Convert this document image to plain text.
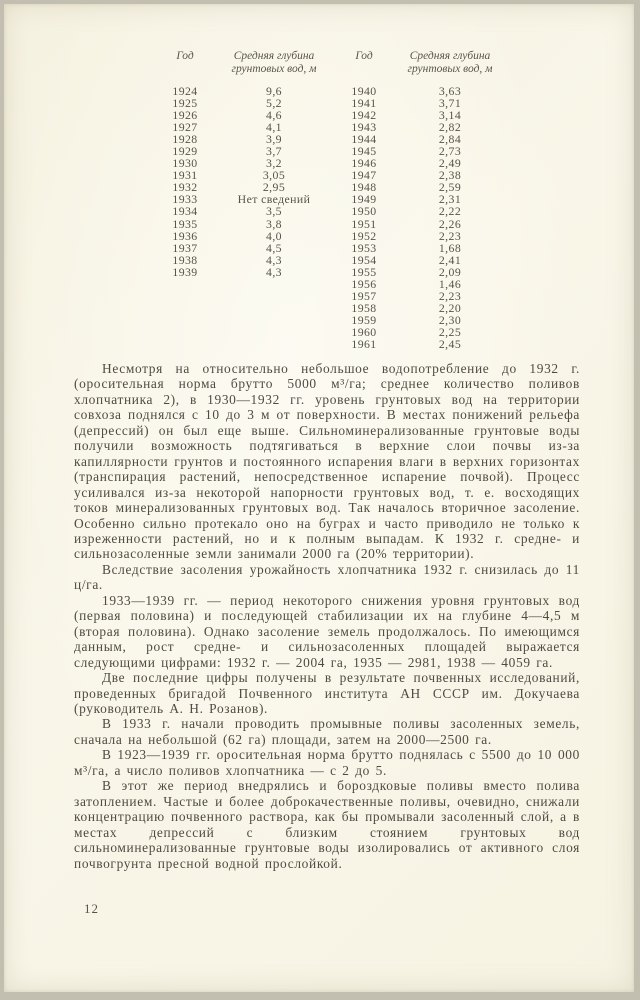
Год	Средняя глубина
грунтовых вод, м
Год	Средняя глубина
грунтовых вод, м
1924	9,6	1940	3,63
1925	5,2	1941	3,71
1926	4,6	1942	3,14
1927	4,1	1943	2,82
1928	3,9	1944	2,84
1929	3,7	1945	2,73
1930	3,2	1946	2,49
1931	3,05	1947	2,38
1932	2,95	1948	2,59
1933	Нет сведений	1949	2,31
1934	3,5	1950	2,22
1935	3,8	1951	2,26
1936	4,0	1952	2,23
1937	4,5	1953	1,68
1938	4,3	1954	2,41
1939	4,3	1955	2,09
1956	1,46
1957	2,23
1958	2,20
1959	2,30
1960	2,25
1961	2,45

Несмотря на относительно небольшое водопотребление до 1932 г. (оросительная норма брутто 5000 м³/га; среднее количество поливов хлопчатника 2), в 1930—1932 гг. уровень грунтовых вод на территории совхоза поднялся с 10 до 3 м от поверхности. В местах понижений рельефа (депрессий) он был еще выше. Сильноминерализованные грунтовые воды получили возможность подтягиваться в верхние слои почвы из-за капиллярности грунтов и постоянного испарения влаги в верхних горизонтах (транспирация растений, непосредственное испарение почвой). Процесс усиливался из-за некоторой напорности грунтовых вод, т. е. восходящих токов минерализованных грунтовых вод. Так началось вторичное засоление. Особенно сильно протекало оно на буграх и часто приводило не только к изреженности растений, но и к полным выпадам. К 1932 г. средне- и сильнозасоленные земли занимали 2000 га (20% территории).

Вследствие засоления урожайность хлопчатника 1932 г. снизилась до 11 ц/га.

1933—1939 гг. — период некоторого снижения уровня грунтовых вод (первая половина) и последующей стабилизации их на глубине 4—4,5 м (вторая половина). Однако засоление земель продолжалось. По имеющимся данным, рост средне- и сильнозасоленных площадей выражается следующими цифрами: 1932 г. — 2004 га, 1935 — 2981, 1938 — 4059 га.

Две последние цифры получены в результате почвенных исследований, проведенных бригадой Почвенного института АН СССР им. Докучаева (руководитель А. Н. Розанов).

В 1933 г. начали проводить промывные поливы засоленных земель, сначала на небольшой (62 га) площади, затем на 2000—2500 га.

В 1923—1939 гг. оросительная норма брутто поднялась с 5500 до 10 000 м³/га, а число поливов хлопчатника — с 2 до 5.

В этот же период внедрялись и бороздковые поливы вместо полива затоплением. Частые и более доброкачественные поливы, очевидно, снижали концентрацию почвенного раствора, как бы промывали засоленный слой, а в местах депрессий с близким стоянием грунтовых вод сильноминерализованные грунтовые воды изолировались от активного слоя почвогрунта пресной водной прослойкой.

12
